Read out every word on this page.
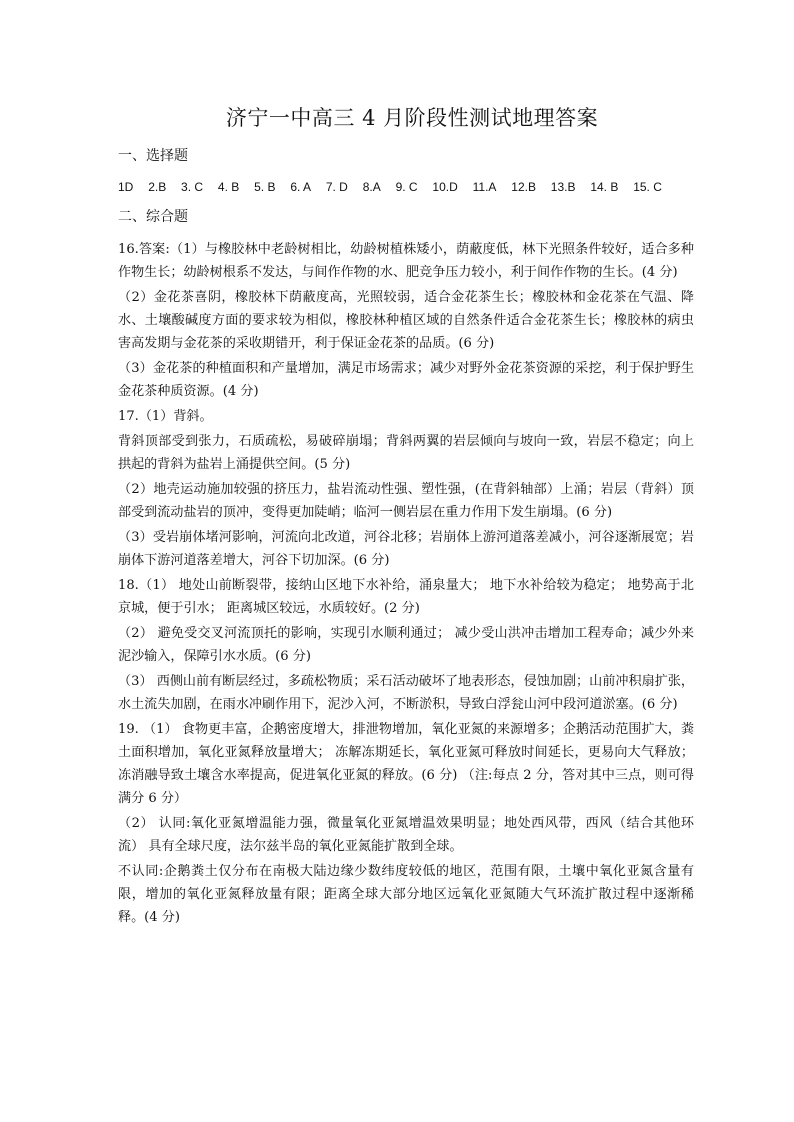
济宁一中高三 4 月阶段性测试地理答案
一、选择题
1D 2.B 3. C 4. B 5. B 6. A 7. D 8.A 9. C 10.D 11.A 12.B 13.B 14. B 15. C
二、综合题

16.答案:（1）与橡胶林中老龄树相比，幼龄树植株矮小，荫蔽度低，林下光照条件较好，适合多种作物生长；幼龄树根系不发达，与间作作物的水、肥竞争压力较小，利于间作作物的生长。(4 分)

（2）金花茶喜阴，橡胶林下荫蔽度高，光照较弱，适合金花茶生长；橡胶林和金花茶在气温、降水、土壤酸碱度方面的要求较为相似，橡胶林种植区域的自然条件适合金花茶生长；橡胶林的病虫害高发期与金花茶的采收期错开，利于保证金花茶的品质。(6 分)

（3）金花茶的种植面积和产量增加，满足市场需求；减少对野外金花茶资源的采挖，利于保护野生金花茶种质资源。(4 分)

17.（1）背斜。

背斜顶部受到张力，石质疏松，易破碎崩塌；背斜两翼的岩层倾向与坡向一致，岩层不稳定；向上拱起的背斜为盐岩上涌提供空间。(5 分)

（2）地壳运动施加较强的挤压力，盐岩流动性强、塑性强，(在背斜轴部）上涌；岩层（背斜）顶部受到流动盐岩的顶冲，变得更加陡峭；临河一侧岩层在重力作用下发生崩塌。(6 分)

（3）受岩崩体堵河影响，河流向北改道，河谷北移；岩崩体上游河道落差减小，河谷逐渐展宽；岩崩体下游河道落差增大，河谷下切加深。(6 分)

18.（1） 地处山前断裂带，接纳山区地下水补给，涌泉量大； 地下水补给较为稳定； 地势高于北京城，便于引水； 距离城区较远，水质较好。(2 分)

（2） 避免受交叉河流顶托的影响，实现引水顺利通过； 减少受山洪冲击增加工程寿命；减少外来泥沙输入，保障引水水质。(6 分)

（3） 西侧山前有断层经过，多疏松物质；采石活动破坏了地表形态，侵蚀加剧；山前冲积扇扩张，水土流失加剧，在雨水冲刷作用下，泥沙入河，不断淤积，导致白浮瓮山河中段河道淤塞。(6 分)

19. （1） 食物更丰富，企鹅密度增大，排泄物增加，氧化亚氮的来源增多；企鹅活动范围扩大，粪土面积增加，氧化亚氮释放量增大； 冻解冻期延长，氧化亚氮可释放时间延长，更易向大气释放； 冻消融导致土壤含水率提高，促进氧化亚氮的释放。(6 分) （注:每点 2 分，答对其中三点，则可得满分 6 分）

（2） 认同:氧化亚氮增温能力强，微量氧化亚氮增温效果明显；地处西风带，西风（结合其他环流） 具有全球尺度，法尔兹半岛的氧化亚氮能扩散到全球。

不认同:企鹅粪土仅分布在南极大陆边缘少数纬度较低的地区，范围有限，土壤中氧化亚氮含量有限，增加的氧化亚氮释放量有限；距离全球大部分地区远氧化亚氮随大气环流扩散过程中逐渐稀释。(4 分)
